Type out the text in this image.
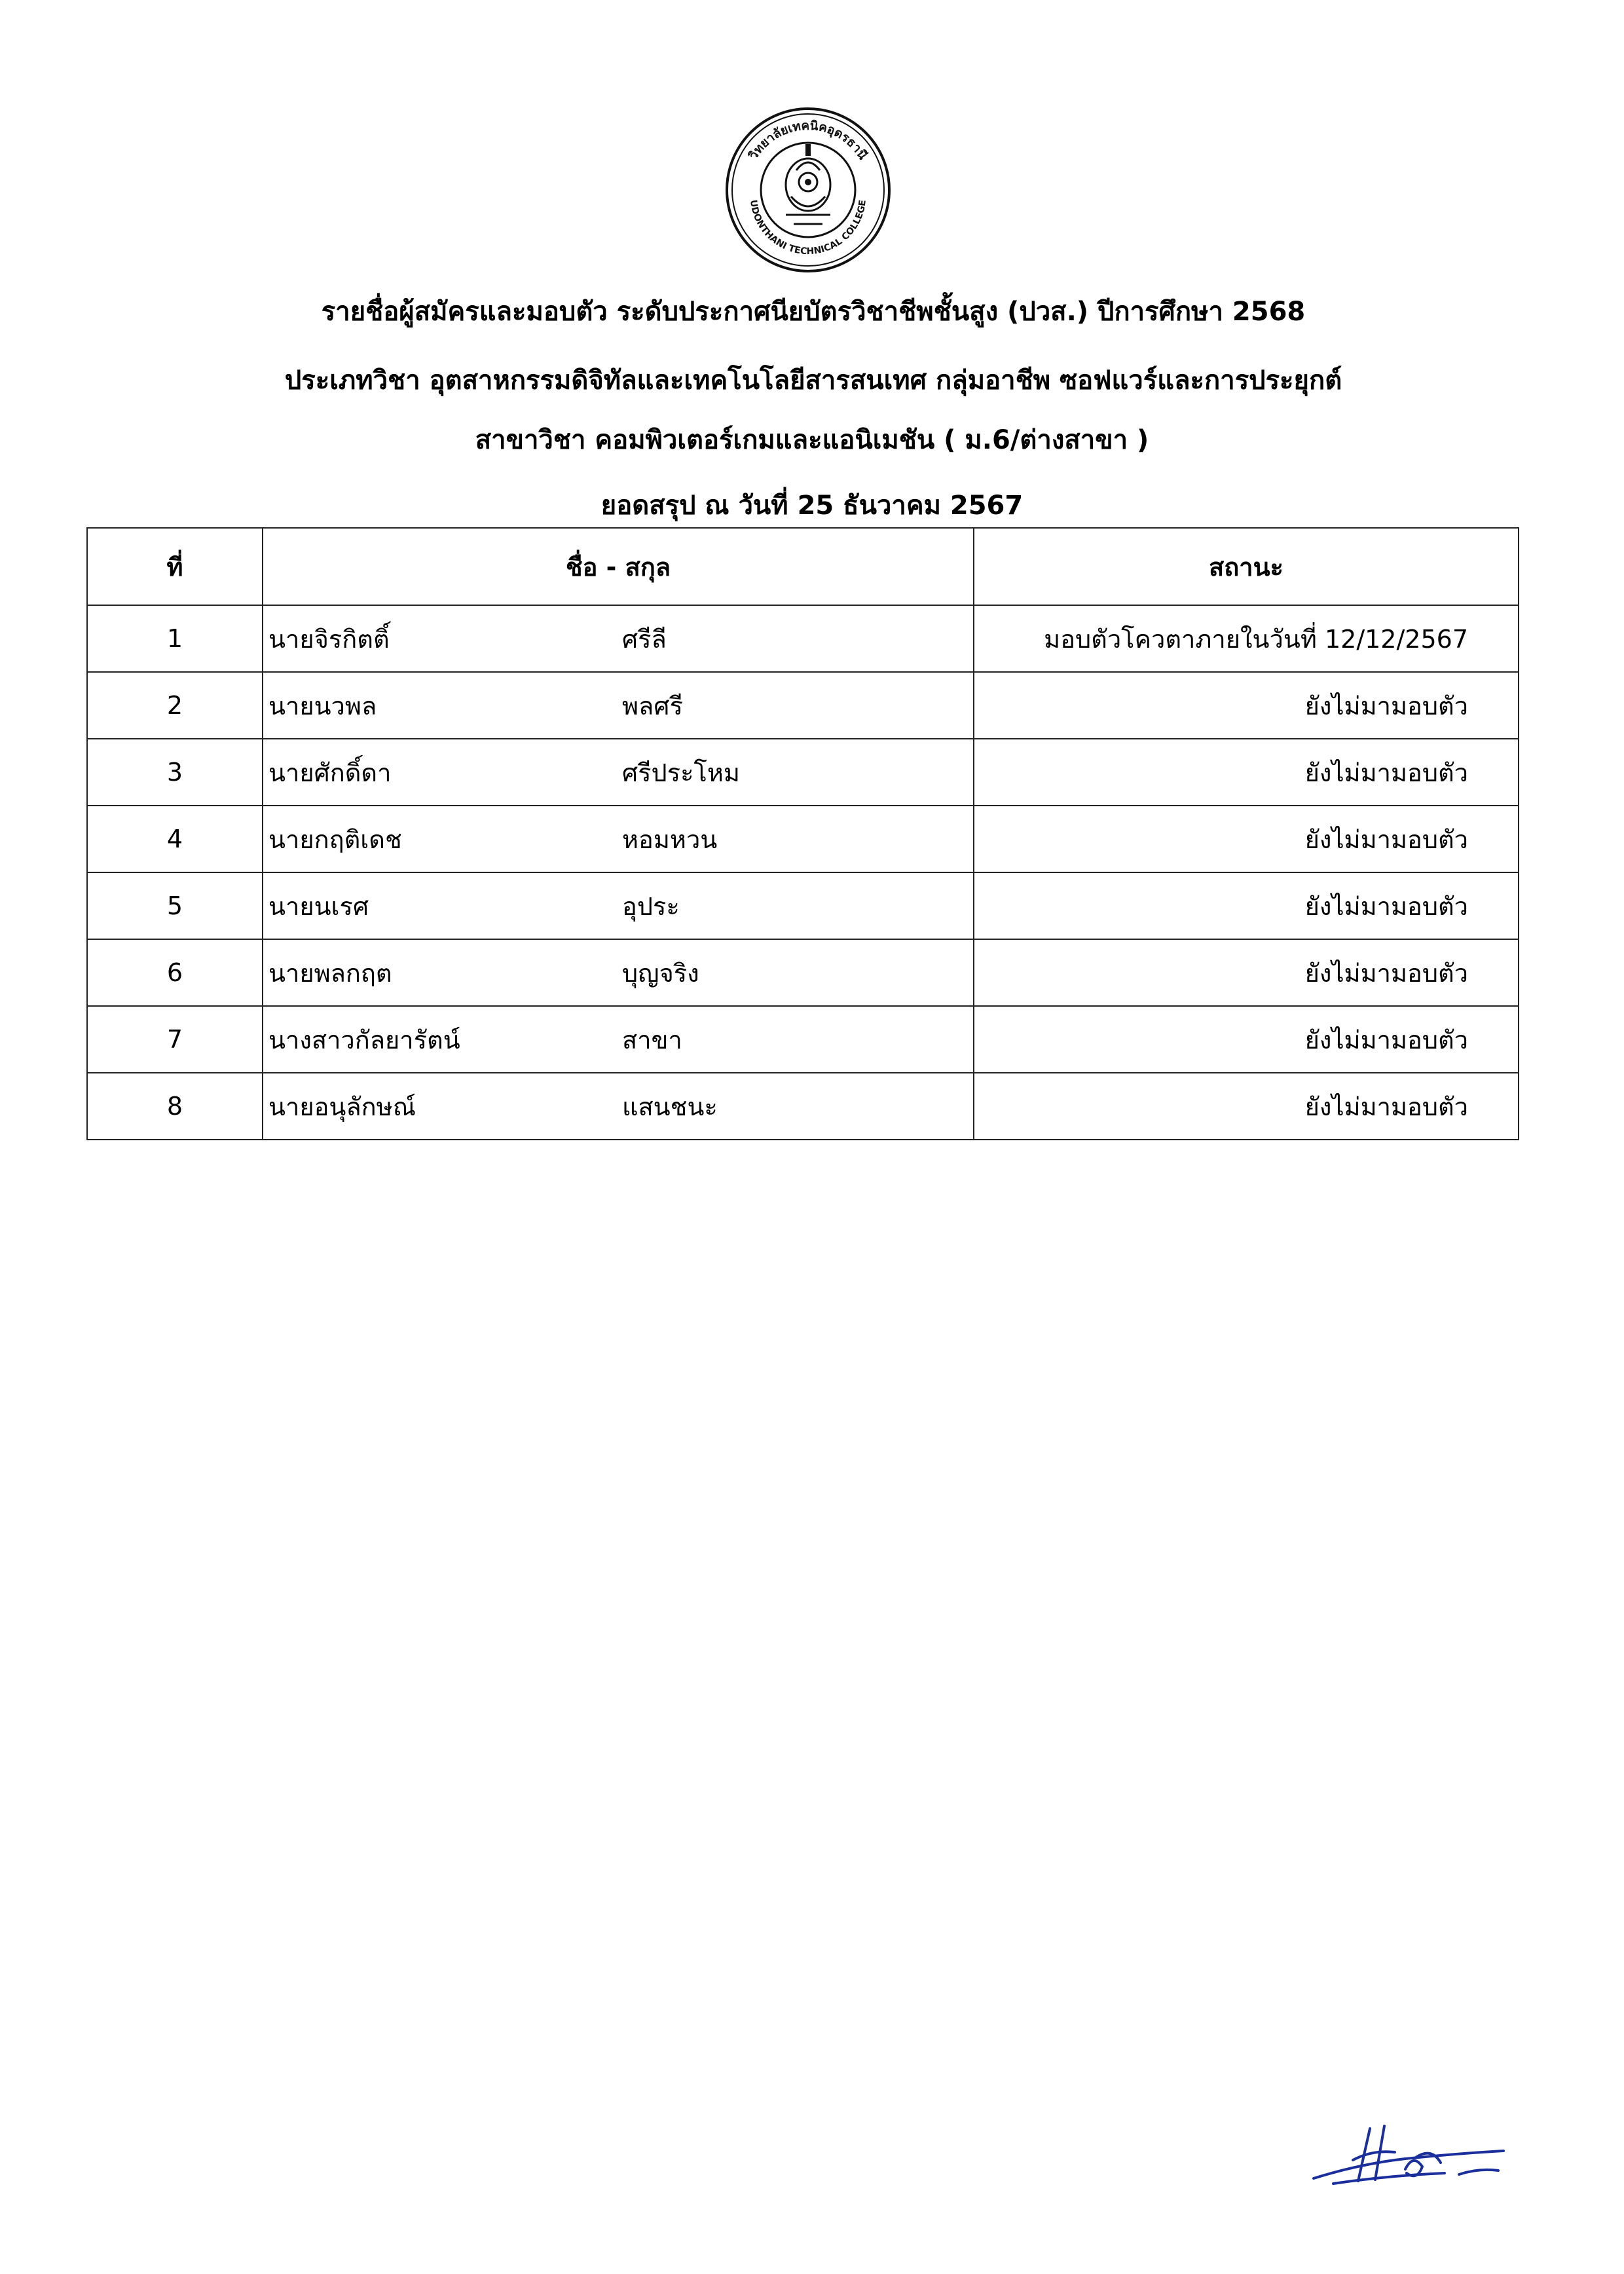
วิทยาลัยเทคนิคอุดรธานี
UDONTHANI TECHNICAL COLLEGE
รายชื่อผู้สมัครและมอบตัว ระดับประกาศนียบัตรวิชาชีพชั้นสูง (ปวส.) ปีการศึกษา 2568
ประเภทวิชา อุตสาหกรรมดิจิทัลและเทคโนโลยีสารสนเทศ กลุ่มอาชีพ ซอฟแวร์และการประยุกต์
สาขาวิชา คอมพิวเตอร์เกมและแอนิเมชัน ( ม.6/ต่างสาขา )
ยอดสรุป ณ วันที่ 25 ธันวาคม 2567
ที่	ชื่อ - สกุล	สถานะ
1	นายจิรกิตติ์ ศรีลี	มอบตัวโควตาภายในวันที่ 12/12/2567
2	นายนวพล พลศรี	ยังไม่มามอบตัว
3	นายศักดิ์ดา ศรีประโหม	ยังไม่มามอบตัว
4	นายกฤติเดช หอมหวน	ยังไม่มามอบตัว
5	นายนเรศ อุประ	ยังไม่มามอบตัว
6	นายพลกฤต บุญจริง	ยังไม่มามอบตัว
7	นางสาวกัลยารัตน์ สาขา	ยังไม่มามอบตัว
8	นายอนุลักษณ์ แสนชนะ	ยังไม่มามอบตัว
